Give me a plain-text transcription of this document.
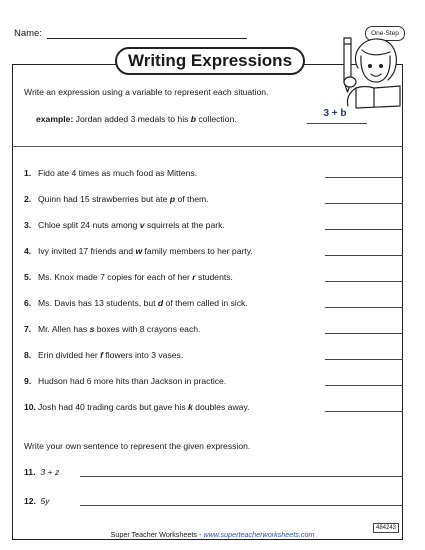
Name:	One-Step
Writing Expressions
Write an expression using a variable to represent each situation.
example: Jordan added 3 medals to his b collection.	3 + b
1. Fido ate 4 times as much food as Mittens.
2. Quinn had 15 strawberries but ate p of them.
3. Chloe split 24 nuts among v squirrels at the park.
4. Ivy invited 17 friends and w family members to her party.
5. Ms. Knox made 7 copies for each of her r students.
6. Ms. Davis has 13 students, but d of them called in sick.
7. Mr. Allen has s boxes with 8 crayons each.
8. Erin divided her f flowers into 3 vases.
9. Hudson had 6 more hits than Jackson in practice.
10. Josh had 40 trading cards but gave his k doubles away.
Write your own sentence to represent the given expression.
11. 3 + z
12. 5y
Super Teacher Worksheets - www.superteacherworksheets.com
484243
